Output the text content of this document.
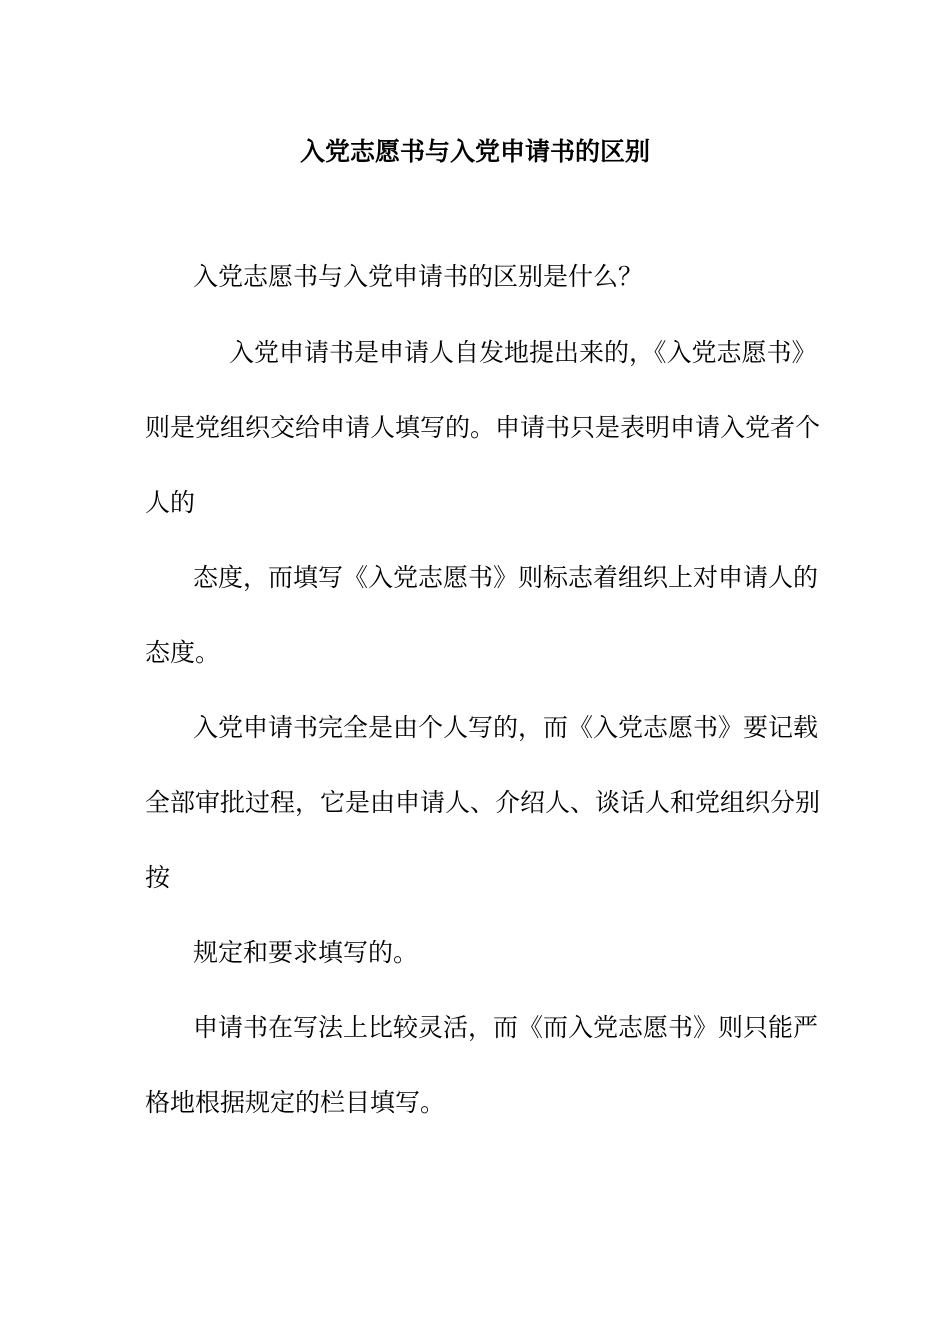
入党志愿书与入党申请书的区别
入党志愿书与入党申请书的区别是什么？
入党申请书是申请人自发地提出来的，《入党志愿书》
则是党组织交给申请人填写的。申请书只是表明申请入党者个
人的
态度，而填写《入党志愿书》则标志着组织上对申请人的
态度。
入党申请书完全是由个人写的，而《入党志愿书》要记载
全部审批过程，它是由申请人、介绍人、谈话人和党组织分别
按
规定和要求填写的。
申请书在写法上比较灵活，而《而入党志愿书》则只能严
格地根据规定的栏目填写。
